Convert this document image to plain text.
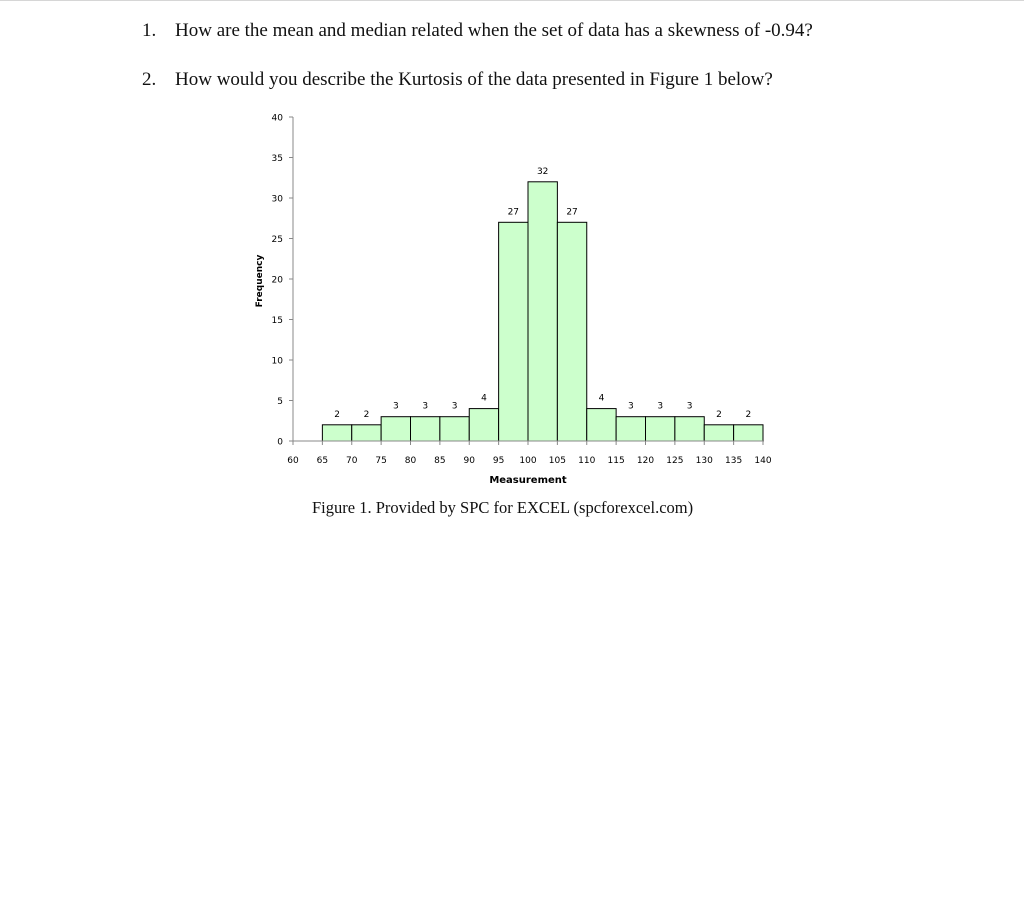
1. How are the mean and median related when the set of data has a skewness of -0.94?
2. How would you describe the Kurtosis of the data presented in Figure 1 below?
0
5
10
15
20
25
30
35
40
60 65 70 75 80 85 90 95 100 105 110 115 120 125 130 135 140
2	2
3	3	3
4
27
32
27
4
3	3	3
2	2
Frequency
Measurement
Figure 1. Provided by SPC for EXCEL (spcforexcel.com)
